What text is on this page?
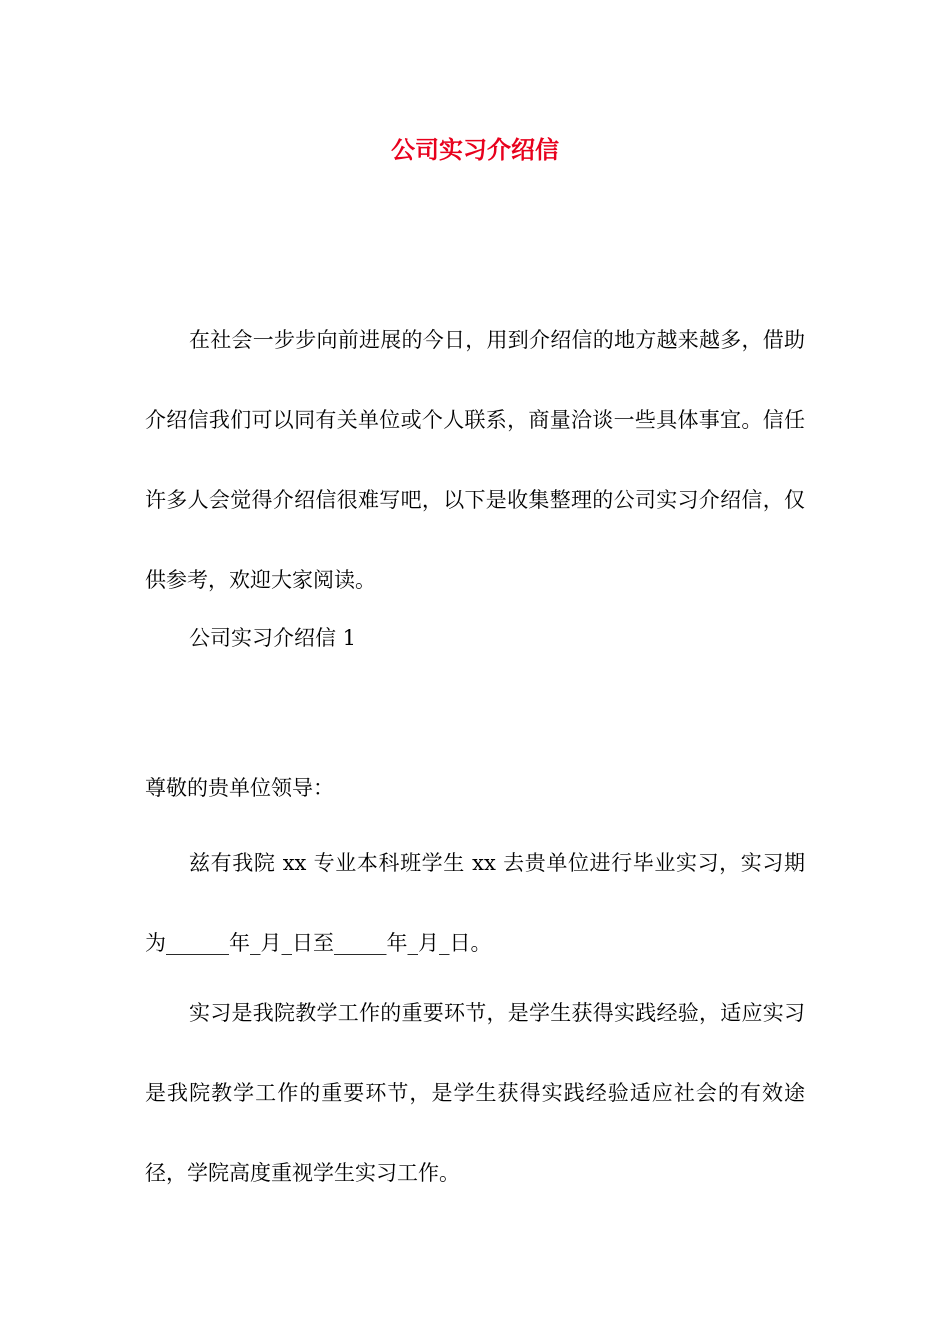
公司实习介绍信

在社会一步步向前进展的今日，用到介绍信的地方越来越多，借助介绍信我们可以同有关单位或个人联系，商量洽谈一些具体事宜。信任许多人会觉得介绍信很难写吧，以下是收集整理的公司实习介绍信，仅供参考，欢迎大家阅读。

公司实习介绍信 1

尊敬的贵单位领导：

兹有我院 xx 专业本科班学生 xx 去贵单位进行毕业实习，实习期为______年_月_日至_____年_月_日。

实习是我院教学工作的重要环节，是学生获得实践经验，适应实习是我院教学工作的重要环节，是学生获得实践经验适应社会的有效途径，学院高度重视学生实习工作。
